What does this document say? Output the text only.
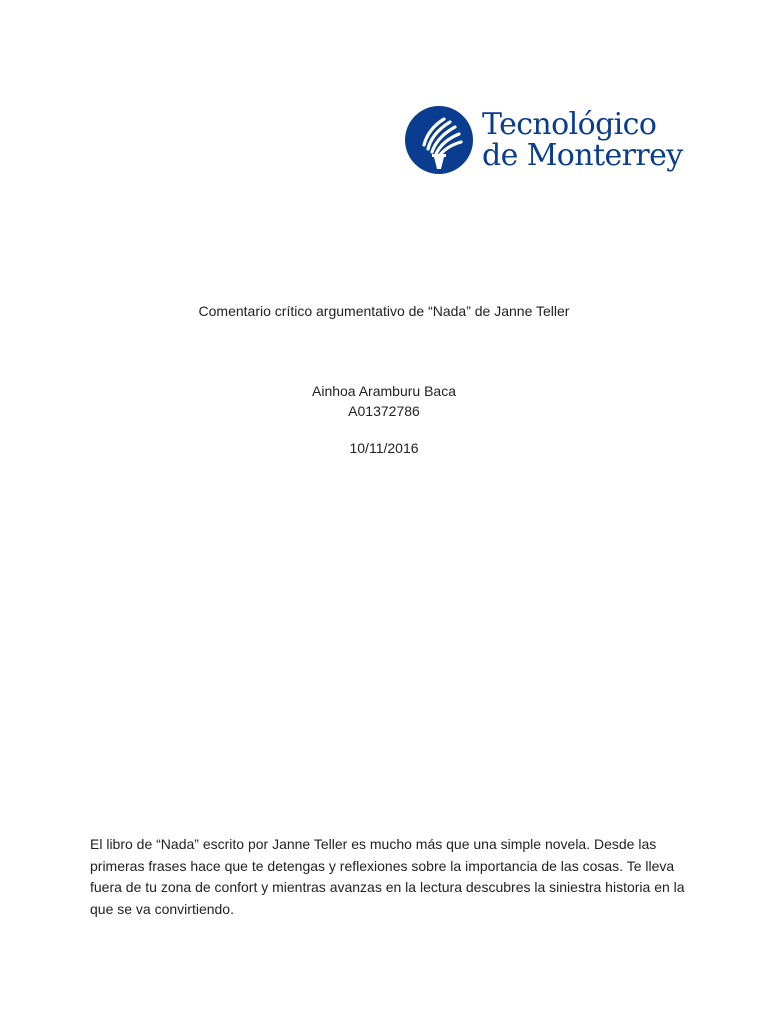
Tecnológico
de Monterrey
Comentario crítico argumentativo de “Nada” de Janne Teller
Ainhoa Aramburu Baca
A01372786
10/11/2016

El libro de “Nada” escrito por Janne Teller es mucho más que una simple novela. Desde las primeras frases hace que te detengas y reflexiones sobre la importancia de las cosas. Te lleva fuera de tu zona de confort y mientras avanzas en la lectura descubres la siniestra historia en la que se va convirtiendo.
